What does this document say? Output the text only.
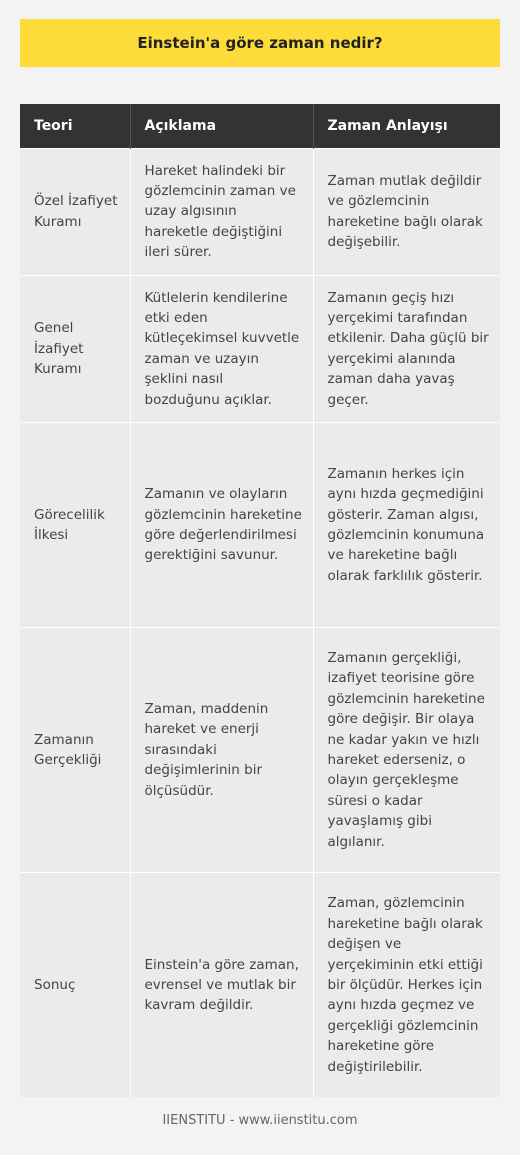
Einstein'a göre zaman nedir?
Teori	Açıklama	Zaman Anlayışı
Özel İzafiyet Kuramı	Hareket halindeki bir gözlemcinin zaman ve uzay algısının hareketle değiştiğini ileri sürer.	Zaman mutlak değildir ve gözlemcinin hareketine bağlı olarak değişebilir.
Genel İzafiyet Kuramı	Kütlelerin kendilerine etki eden kütleçekimsel kuvvetle zaman ve uzayın şeklini nasıl bozduğunu açıklar.	Zamanın geçiş hızı yerçekimi tarafından etkilenir. Daha güçlü bir yerçekimi alanında zaman daha yavaş geçer.
Görecelilik İlkesi	Zamanın ve olayların gözlemcinin hareketine göre değerlendirilmesi gerektiğini savunur.	Zamanın herkes için aynı hızda geçmediğini gösterir. Zaman algısı, gözlemcinin konumuna ve hareketine bağlı olarak farklılık gösterir.
Zamanın Gerçekliği	Zaman, maddenin hareket ve enerji sırasındaki değişimlerinin bir ölçüsüdür.	Zamanın gerçekliği, izafiyet teorisine göre gözlemcinin hareketine göre değişir. Bir olaya ne kadar yakın ve hızlı hareket ederseniz, o olayın gerçekleşme süresi o kadar yavaşlamış gibi algılanır.
Sonuç	Einstein'a göre zaman, evrensel ve mutlak bir kavram değildir.	Zaman, gözlemcinin hareketine bağlı olarak değişen ve yerçekiminin etki ettiği bir ölçüdür. Herkes için aynı hızda geçmez ve gerçekliği gözlemcinin hareketine göre değiştirilebilir.
IIENSTITU - www.iienstitu.com
